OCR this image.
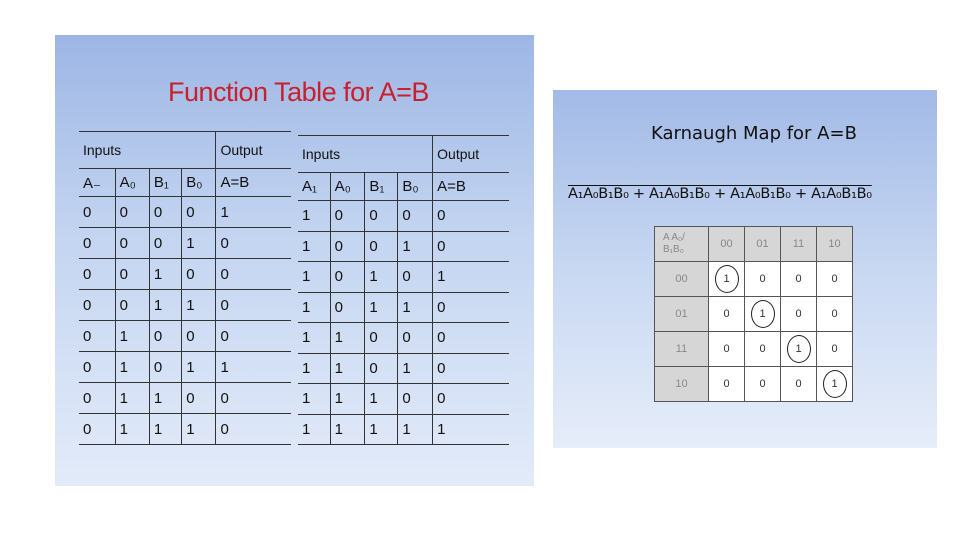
Function Table for A=B
Inputs				Output
A₋	A₀	B₁	B₀	A=B
0	0	0	0	1
0	0	0	1	0
0	0	1	0	0
0	0	1	1	0
0	1	0	0	0
0	1	0	1	1
0	1	1	0	0
0	1	1	1	0
Inputs				Output
A₁	A₀	B₁	B₀	A=B
1	0	0	0	0
1	0	0	1	0
1	0	1	0	1
1	0	1	1	0
1	1	0	0	0
1	1	0	1	0
1	1	1	0	0
1	1	1	1	1
Karnaugh Map for A=B

A₁A₀B₁B₀ + A₁A₀B₁B₀ + A₁A₀B₁B₀ + A₁A₀B₁B₀

A A₀/
B₁B₀	00	01	11	10
00	1	0	0	0
01	0	1	0	0
11	0	0	1	0
10	0	0	0	1
